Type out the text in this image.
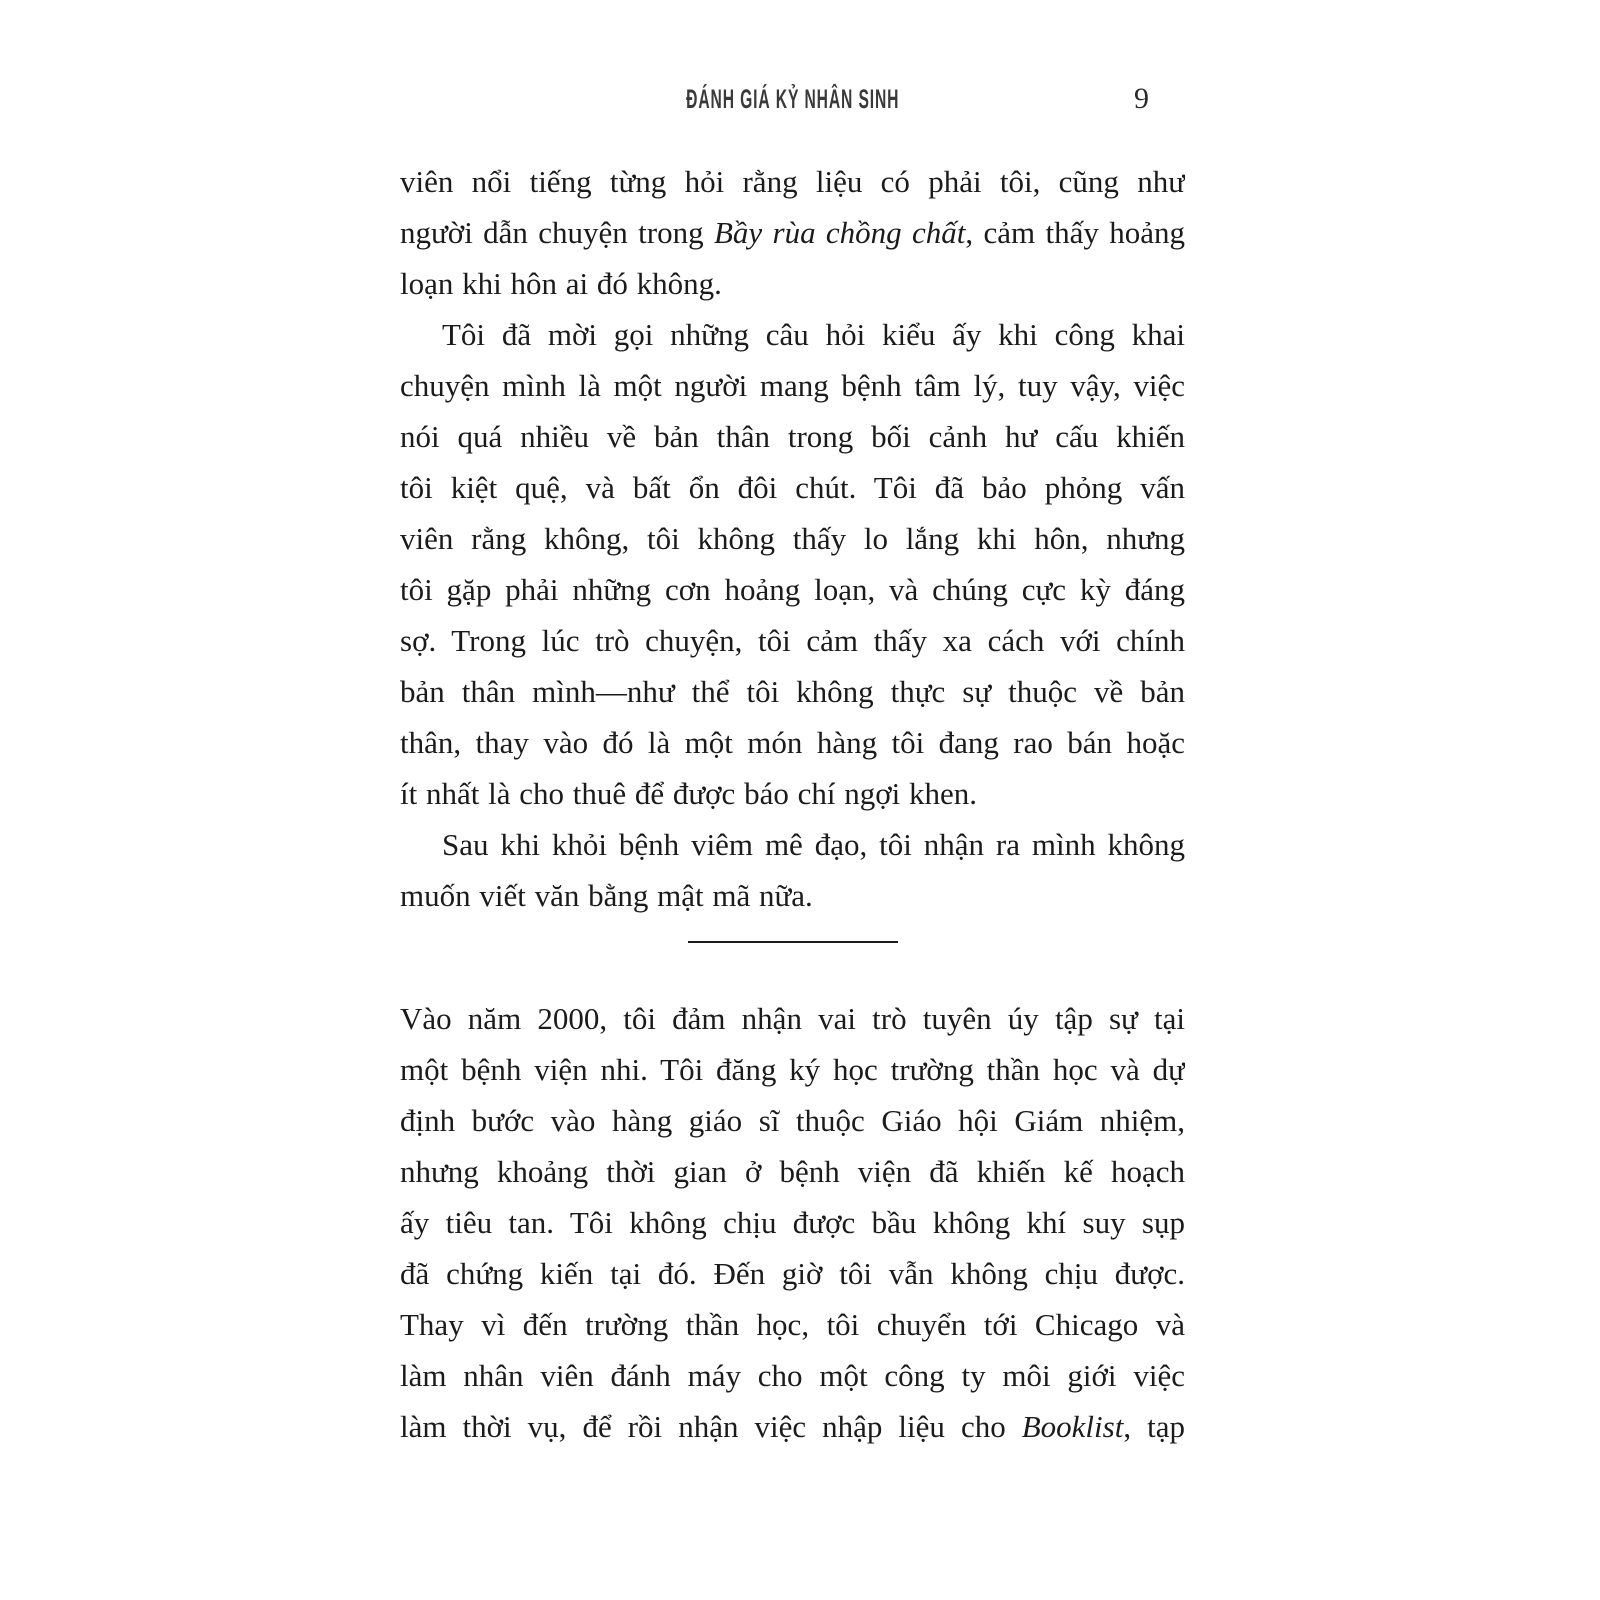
ĐÁNH GIÁ KỶ NHÂN SINH	9
viên nổi tiếng từng hỏi rằng liệu có phải tôi, cũng như
người dẫn chuyện trong Bầy rùa chồng chất, cảm thấy hoảng
loạn khi hôn ai đó không.
Tôi đã mời gọi những câu hỏi kiểu ấy khi công khai
chuyện mình là một người mang bệnh tâm lý, tuy vậy, việc
nói quá nhiều về bản thân trong bối cảnh hư cấu khiến
tôi kiệt quệ, và bất ổn đôi chút. Tôi đã bảo phỏng vấn
viên rằng không, tôi không thấy lo lắng khi hôn, nhưng
tôi gặp phải những cơn hoảng loạn, và chúng cực kỳ đáng
sợ. Trong lúc trò chuyện, tôi cảm thấy xa cách với chính
bản thân mình—như thể tôi không thực sự thuộc về bản
thân, thay vào đó là một món hàng tôi đang rao bán hoặc
ít nhất là cho thuê để được báo chí ngợi khen.
Sau khi khỏi bệnh viêm mê đạo, tôi nhận ra mình không
muốn viết văn bằng mật mã nữa.
Vào năm 2000, tôi đảm nhận vai trò tuyên úy tập sự tại
một bệnh viện nhi. Tôi đăng ký học trường thần học và dự
định bước vào hàng giáo sĩ thuộc Giáo hội Giám nhiệm,
nhưng khoảng thời gian ở bệnh viện đã khiến kế hoạch
ấy tiêu tan. Tôi không chịu được bầu không khí suy sụp
đã chứng kiến tại đó. Đến giờ tôi vẫn không chịu được.
Thay vì đến trường thần học, tôi chuyển tới Chicago và
làm nhân viên đánh máy cho một công ty môi giới việc
làm thời vụ, để rồi nhận việc nhập liệu cho Booklist, tạp
